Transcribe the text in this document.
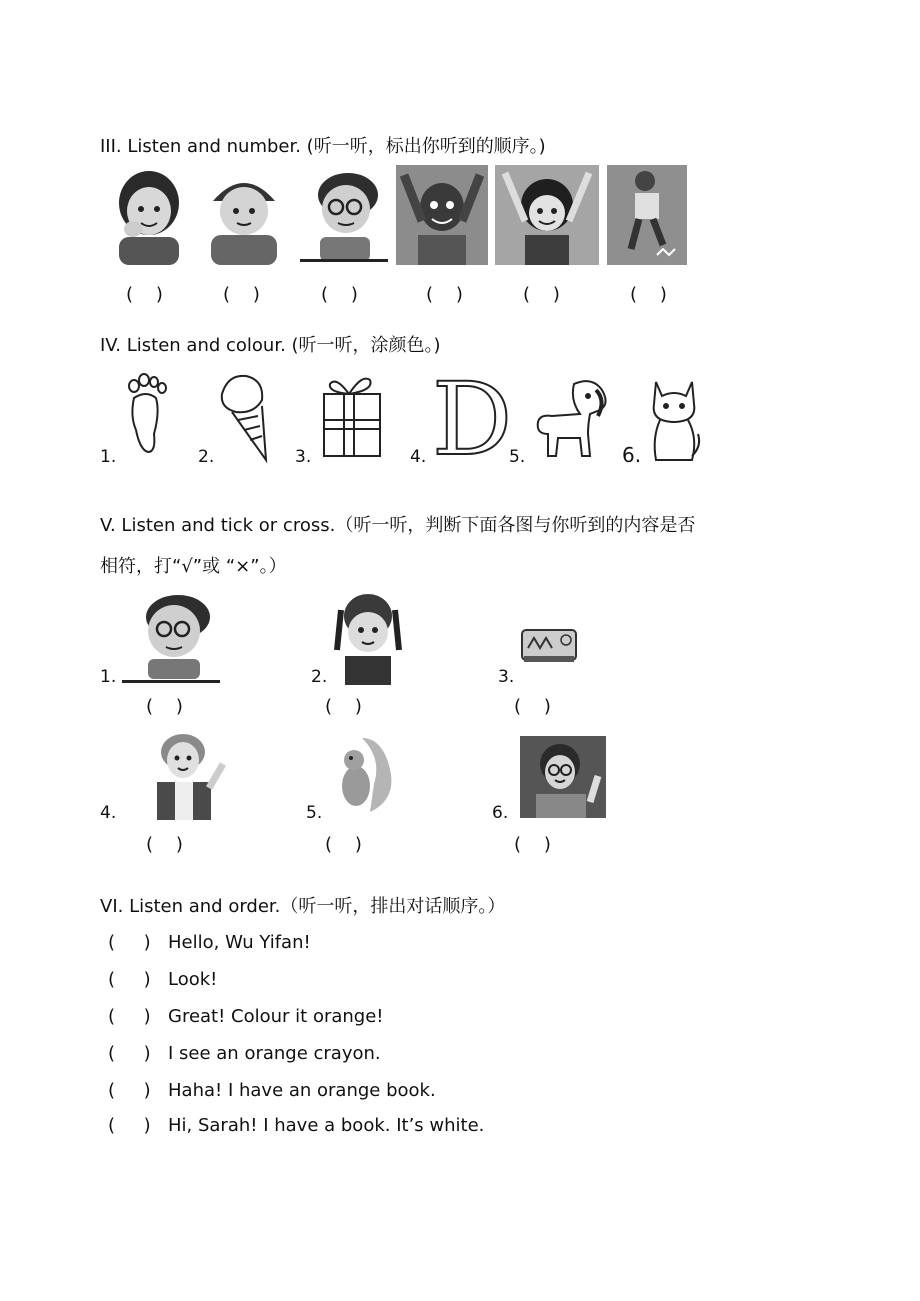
III. Listen and number. (听一听，标出你听到的顺序。)
(    )	(    )	(    )	(    )	(    )	(    )
IV. Listen and colour. (听一听，涂颜色。)
1.	2.	3.	4. D
5.	6.
V. Listen and tick or cross.（听一听，判断下面各图与你听到的内容是否
相符，打“√”或 “×”。）
1.	2.	3.
(    )	(    )	(    )
4.	5.	6.
(    )	(    )	(    )
VI. Listen and order.（听一听，排出对话顺序。）
(     ) Hello, Wu Yifan!
(     ) Look!
(     ) Great! Colour it orange!
(     ) I see an orange crayon.
(     ) Haha! I have an orange book.
(     ) Hi, Sarah! I have a book. It’s white.
